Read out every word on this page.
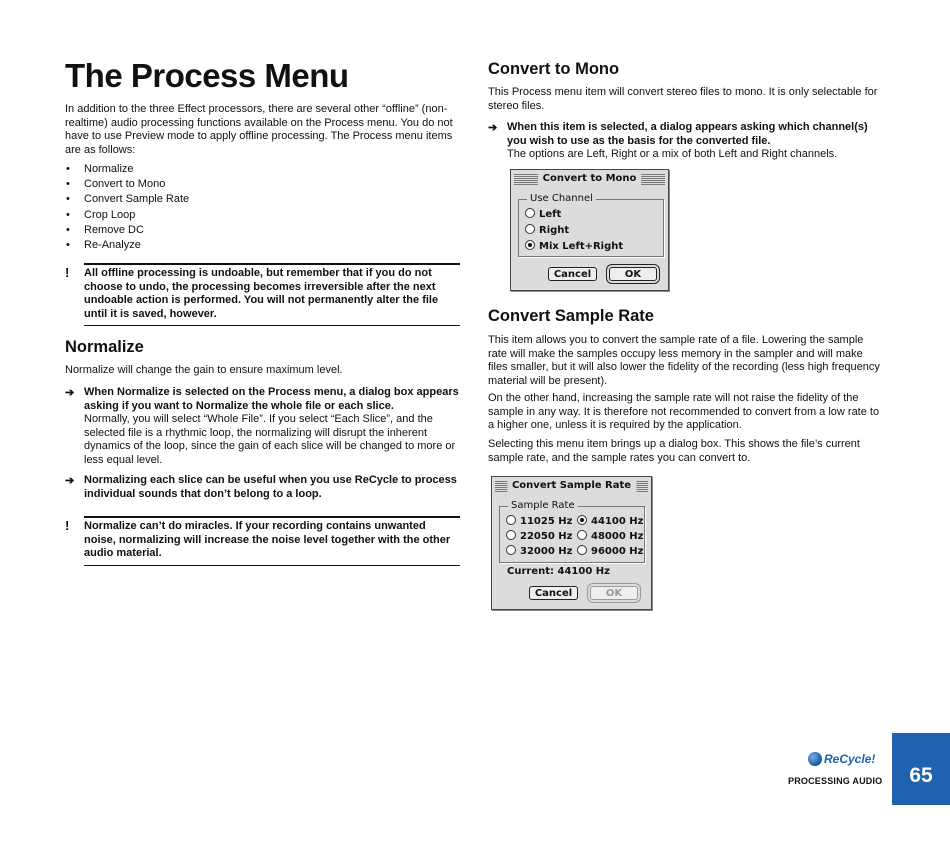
The Process Menu

In addition to the three Effect processors, there are several other “offline” (non-realtime) audio processing functions available on the Process menu. You do not have to use Preview mode to apply offline processing. The Process menu items are as follows:

• Normalize
• Convert to Mono
• Convert Sample Rate
• Crop Loop
• Remove DC
• Re-Analyze
! All offline processing is undoable, but remember that if you do not choose to undo, the processing becomes irreversible after the next undoable action is performed. You will not permanently alter the file until it is saved, however.

Normalize

Normalize will change the gain to ensure maximum level.

➔ When Normalize is selected on the Process menu, a dialog box appears asking if you want to Normalize the whole file or each slice.

Normally, you will select “Whole File”. If you select “Each Slice”, and the selected file is a rhythmic loop, the normalizing will disrupt the inherent dynamics of the loop, since the gain of each slice will be changed to more or less equal level.

➔ Normalizing each slice can be useful when you use ReCycle to process individual sounds that don’t belong to a loop.

! Normalize can’t do miracles. If your recording contains unwanted noise, normalizing will increase the noise level together with the other audio material.

Convert to Mono

This Process menu item will convert stereo files to mono. It is only selectable for stereo files.

➔ When this item is selected, a dialog appears asking which channel(s) you wish to use as the basis for the converted file.

The options are Left, Right or a mix of both Left and Right channels.

Convert to Mono
Use Channel
Left
Right
Mix Left+Right
Cancel	OK
Convert Sample Rate

This item allows you to convert the sample rate of a file. Lowering the sample rate will make the samples occupy less memory in the sampler and will make files smaller, but it will also lower the fidelity of the recording (less high frequency material will be present).

On the other hand, increasing the sample rate will not raise the fidelity of the sample in any way. It is therefore not recommended to convert from a low rate to a higher one, unless it is required by the application.

Selecting this menu item brings up a dialog box. This shows the file’s current sample rate, and the sample rates you can convert to.

Convert Sample Rate
Sample Rate
11025 Hz	44100 Hz
22050 Hz	48000 Hz
32000 Hz	96000 Hz
Current: 44100 Hz
Cancel	OK
ReCycle!
PROCESSING AUDIO	65
